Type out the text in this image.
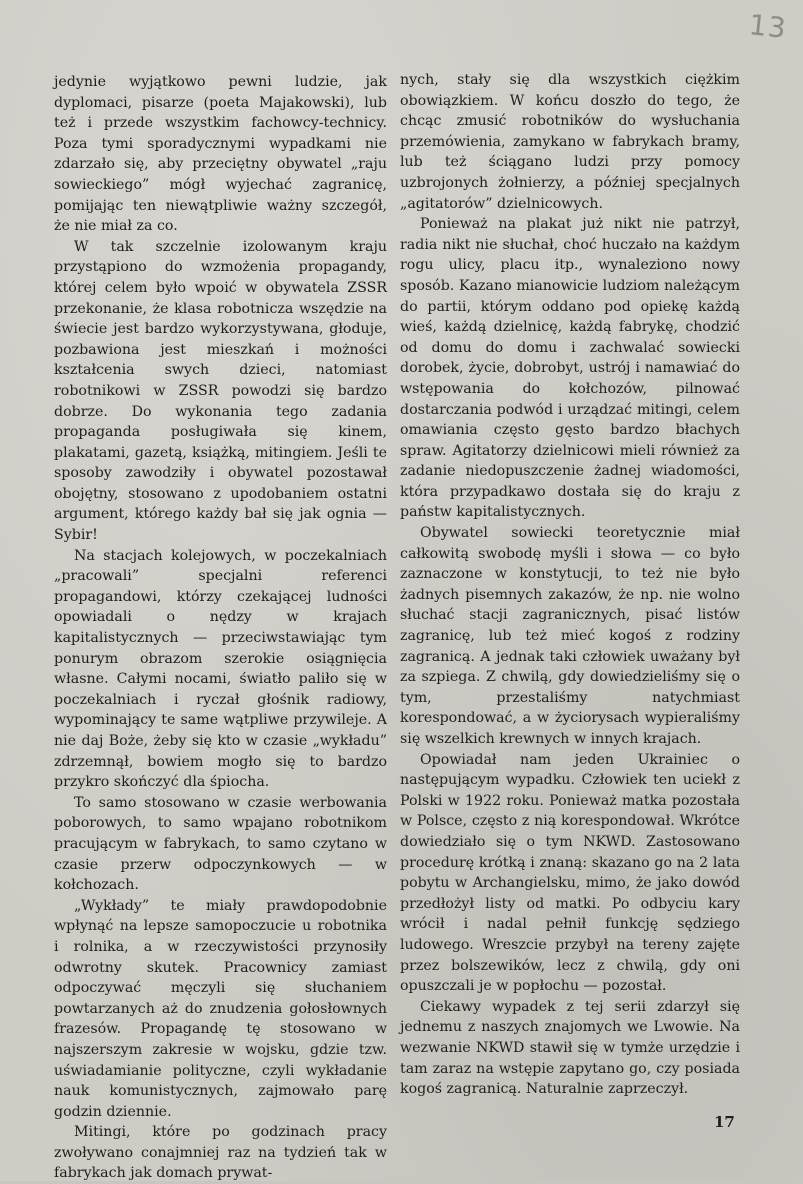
13

jedynie wyjątkowo pewni ludzie, jak dyplomaci, pisarze (poeta Majakowski), lub też i przede wszystkim fachowcy-technicy. Poza tymi sporadycznymi wypadkami nie zdarzało się, aby przeciętny obywatel „raju sowieckiego” mógł wyjechać zagranicę, pomijając ten niewątpliwie ważny szczegół, że nie miał za co.

W tak szczelnie izolowanym kraju przystąpiono do wzmożenia propagandy, której celem było wpoić w obywatela ZSSR przekonanie, że klasa robotnicza wszędzie na świecie jest bardzo wykorzystywana, głoduje, pozbawiona jest mieszkań i możności kształcenia swych dzieci, natomiast robotnikowi w ZSSR powodzi się bardzo dobrze. Do wykonania tego zadania propaganda posługiwała się kinem, plakatami, gazetą, książką, mitingiem. Jeśli te sposoby zawodziły i obywatel pozostawał obojętny, stosowano z upodobaniem ostatni argument, którego każdy bał się jak ognia — Sybir!

Na stacjach kolejowych, w poczekalniach „pracowali” specjalni referenci propagandowi, którzy czekającej ludności opowiadali o nędzy w krajach kapitalistycznych — przeciwstawiając tym ponurym obrazom szerokie osiągnięcia własne. Całymi nocami, światło paliło się w poczekalniach i ryczał głośnik radiowy, wypominający te same wątpliwe przywileje. A nie daj Boże, żeby się kto w czasie „wykładu” zdrzemnął, bowiem mogło się to bardzo przykro skończyć dla śpiocha.

To samo stosowano w czasie werbowania poborowych, to samo wpajano robotnikom pracującym w fabrykach, to samo czytano w czasie przerw odpoczynkowych — w kołchozach.

„Wykłady” te miały prawdopodobnie wpłynąć na lepsze samopoczucie u robotnika i rolnika, a w rzeczywistości przynosiły odwrotny skutek. Pracownicy zamiast odpoczywać męczyli się słuchaniem powtarzanych aż do znudzenia gołosłownych frazesów. Propagandę tę stosowano w najszerszym zakresie w wojsku, gdzie tzw. uświadamianie polityczne, czyli wykładanie nauk komunistycznych, zajmowało parę godzin dziennie.

Mitingi, które po godzinach pracy zwoływano conajmniej raz na tydzień tak w fabrykach jak domach prywat-

nych, stały się dla wszystkich ciężkim obowiązkiem. W końcu doszło do tego, że chcąc zmusić robotników do wysłuchania przemówienia, zamykano w fabrykach bramy, lub też ściągano ludzi przy pomocy uzbrojonych żołnierzy, a później specjalnych „agitatorów” dzielnicowych.

Ponieważ na plakat już nikt nie patrzył, radia nikt nie słuchał, choć huczało na każdym rogu ulicy, placu itp., wynaleziono nowy sposób. Kazano mianowicie ludziom należącym do partii, którym oddano pod opiekę każdą wieś, każdą dzielnicę, każdą fabrykę, chodzić od domu do domu i zachwalać sowiecki dorobek, życie, dobrobyt, ustrój i namawiać do wstępowania do kołchozów, pilnować dostarczania podwód i urządzać mitingi, celem omawiania często gęsto bardzo błachych spraw. Agitatorzy dzielnicowi mieli również za zadanie niedopuszczenie żadnej wiadomości, która przypadkawo dostała się do kraju z państw kapitalistycznych.

Obywatel sowiecki teoretycznie miał całkowitą swobodę myśli i słowa — co było zaznaczone w konstytucji, to też nie było żadnych pisemnych zakazów, że np. nie wolno słuchać stacji zagranicznych, pisać listów zagranicę, lub też mieć kogoś z rodziny zagranicą. A jednak taki człowiek uważany był za szpiega. Z chwilą, gdy dowiedzieliśmy się o tym, przestaliśmy natychmiast korespondować, a w życiorysach wypieraliśmy się wszelkich krewnych w innych krajach.

Opowiadał nam jeden Ukrainiec o następującym wypadku. Człowiek ten uciekł z Polski w 1922 roku. Ponieważ matka pozostała w Polsce, często z nią korespondował. Wkrótce dowiedziało się o tym NKWD. Zastosowano procedurę krótką i znaną: skazano go na 2 lata pobytu w Archangielsku, mimo, że jako dowód przedłożył listy od matki. Po odbyciu kary wrócił i nadal pełnił funkcję sędziego ludowego. Wreszcie przybył na tereny zajęte przez bolszewików, lecz z chwilą, gdy oni opuszczali je w popłochu — pozostał.

Ciekawy wypadek z tej serii zdarzył się jednemu z naszych znajomych we Lwowie. Na wezwanie NKWD stawił się w tymże urzędzie i tam zaraz na wstępie zapytano go, czy posiada kogoś zagranicą. Naturalnie zaprzeczył.

17
